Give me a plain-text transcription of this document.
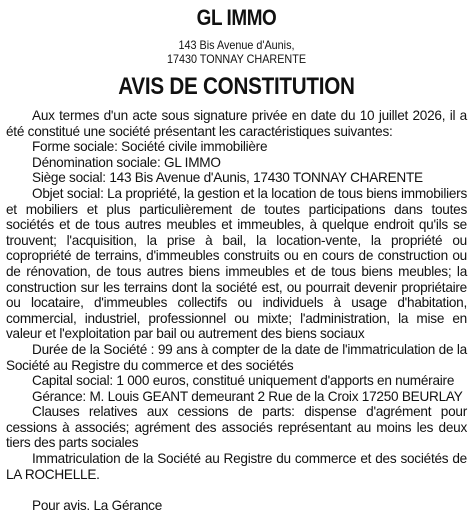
GL IMMO
143 Bis Avenue d'Aunis,
17430 TONNAY CHARENTE
AVIS DE CONSTITUTION

Aux termes d'un acte sous signature privée en date du 10 juillet 2026, il a été constitué une société présentant les caractéristiques suivantes:

Forme sociale: Société civile immobilière

Dénomination sociale: GL IMMO

Siège social: 143 Bis Avenue d'Aunis, 17430 TONNAY CHARENTE

Objet social: La propriété, la gestion et la location de tous biens immobiliers et mobiliers et plus particulièrement de toutes participations dans toutes sociétés et de tous autres meubles et immeubles, à quelque endroit qu'ils se trouvent; l'acquisition, la prise à bail, la location-vente, la propriété ou copropriété de terrains, d'immeubles construits ou en cours de construction ou de rénovation, de tous autres biens immeubles et de tous biens meubles; la construction sur les terrains dont la société est, ou pourrait devenir propriétaire ou locataire, d'immeubles collectifs ou individuels à usage d'habitation, commercial, industriel, professionnel ou mixte; l'administration, la mise en valeur et l'exploitation par bail ou autrement des biens sociaux

Durée de la Société : 99 ans à compter de la date de l'immatriculation de la Société au Registre du commerce et des sociétés

Capital social: 1 000 euros, constitué uniquement d'apports en numéraire

Gérance: M. Louis GEANT demeurant 2 Rue de la Croix 17250 BEURLAY

Clauses relatives aux cessions de parts: dispense d'agrément pour cessions à associés; agrément des associés représentant au moins les deux tiers des parts sociales

Immatriculation de la Société au Registre du commerce et des sociétés de LA ROCHELLE.

Pour avis. La Gérance
